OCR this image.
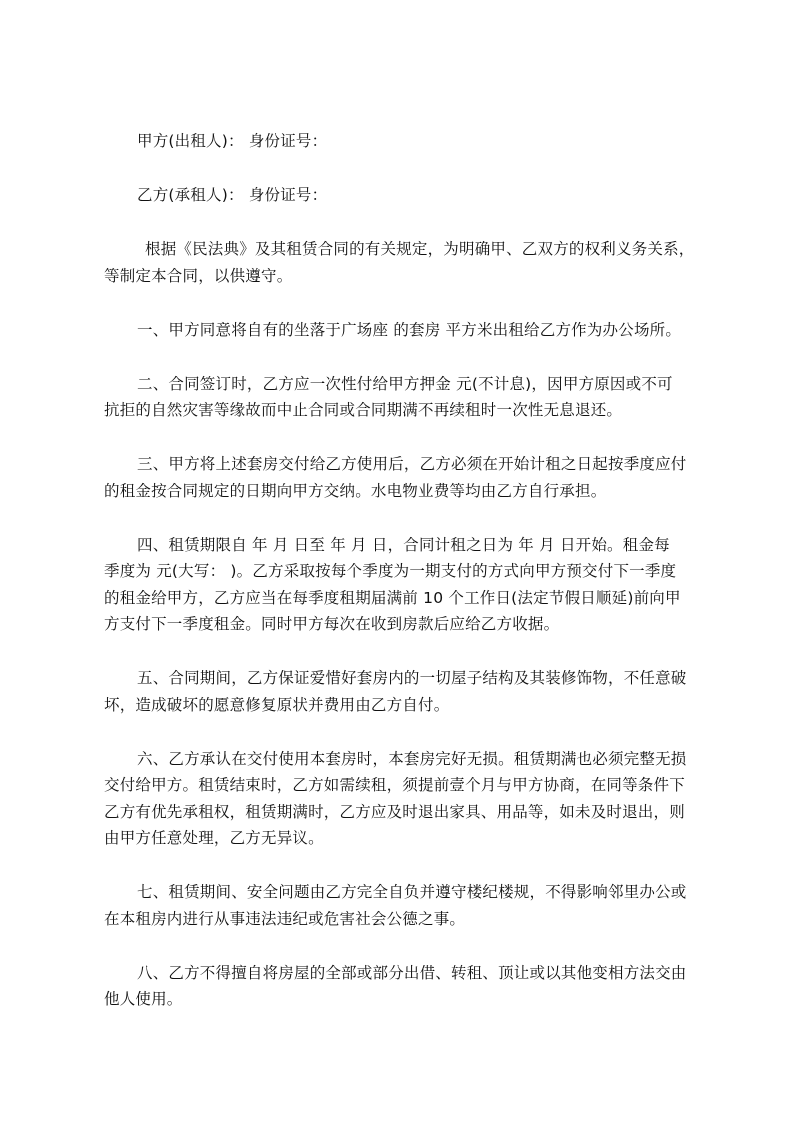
甲方(出租人)： 身份证号：
乙方(承租人)： 身份证号：
根据《民法典》及其租赁合同的有关规定，为明确甲、乙双方的权利义务关系，
等制定本合同，以供遵守。
一、甲方同意将自有的坐落于广场座 的套房 平方米出租给乙方作为办公场所。
二、合同签订时，乙方应一次性付给甲方押金 元(不计息)，因甲方原因或不可
抗拒的自然灾害等缘故而中止合同或合同期满不再续租时一次性无息退还。
三、甲方将上述套房交付给乙方使用后，乙方必须在开始计租之日起按季度应付
的租金按合同规定的日期向甲方交纳。水电物业费等均由乙方自行承担。
四、租赁期限自 年 月 日至 年 月 日，合同计租之日为 年 月 日开始。租金每
季度为 元(大写： )。乙方采取按每个季度为一期支付的方式向甲方预交付下一季度
的租金给甲方，乙方应当在每季度租期届满前 10 个工作日(法定节假日顺延)前向甲
方支付下一季度租金。同时甲方每次在收到房款后应给乙方收据。
五、合同期间，乙方保证爱惜好套房内的一切屋子结构及其装修饰物，不任意破
坏，造成破坏的愿意修复原状并费用由乙方自付。
六、乙方承认在交付使用本套房时，本套房完好无损。租赁期满也必须完整无损
交付给甲方。租赁结束时，乙方如需续租，须提前壹个月与甲方协商，在同等条件下
乙方有优先承租权，租赁期满时，乙方应及时退出家具、用品等，如未及时退出，则
由甲方任意处理，乙方无异议。
七、租赁期间、安全问题由乙方完全自负并遵守楼纪楼规，不得影响邻里办公或
在本租房内进行从事违法违纪或危害社会公德之事。
八、乙方不得擅自将房屋的全部或部分出借、转租、顶让或以其他变相方法交由
他人使用。
